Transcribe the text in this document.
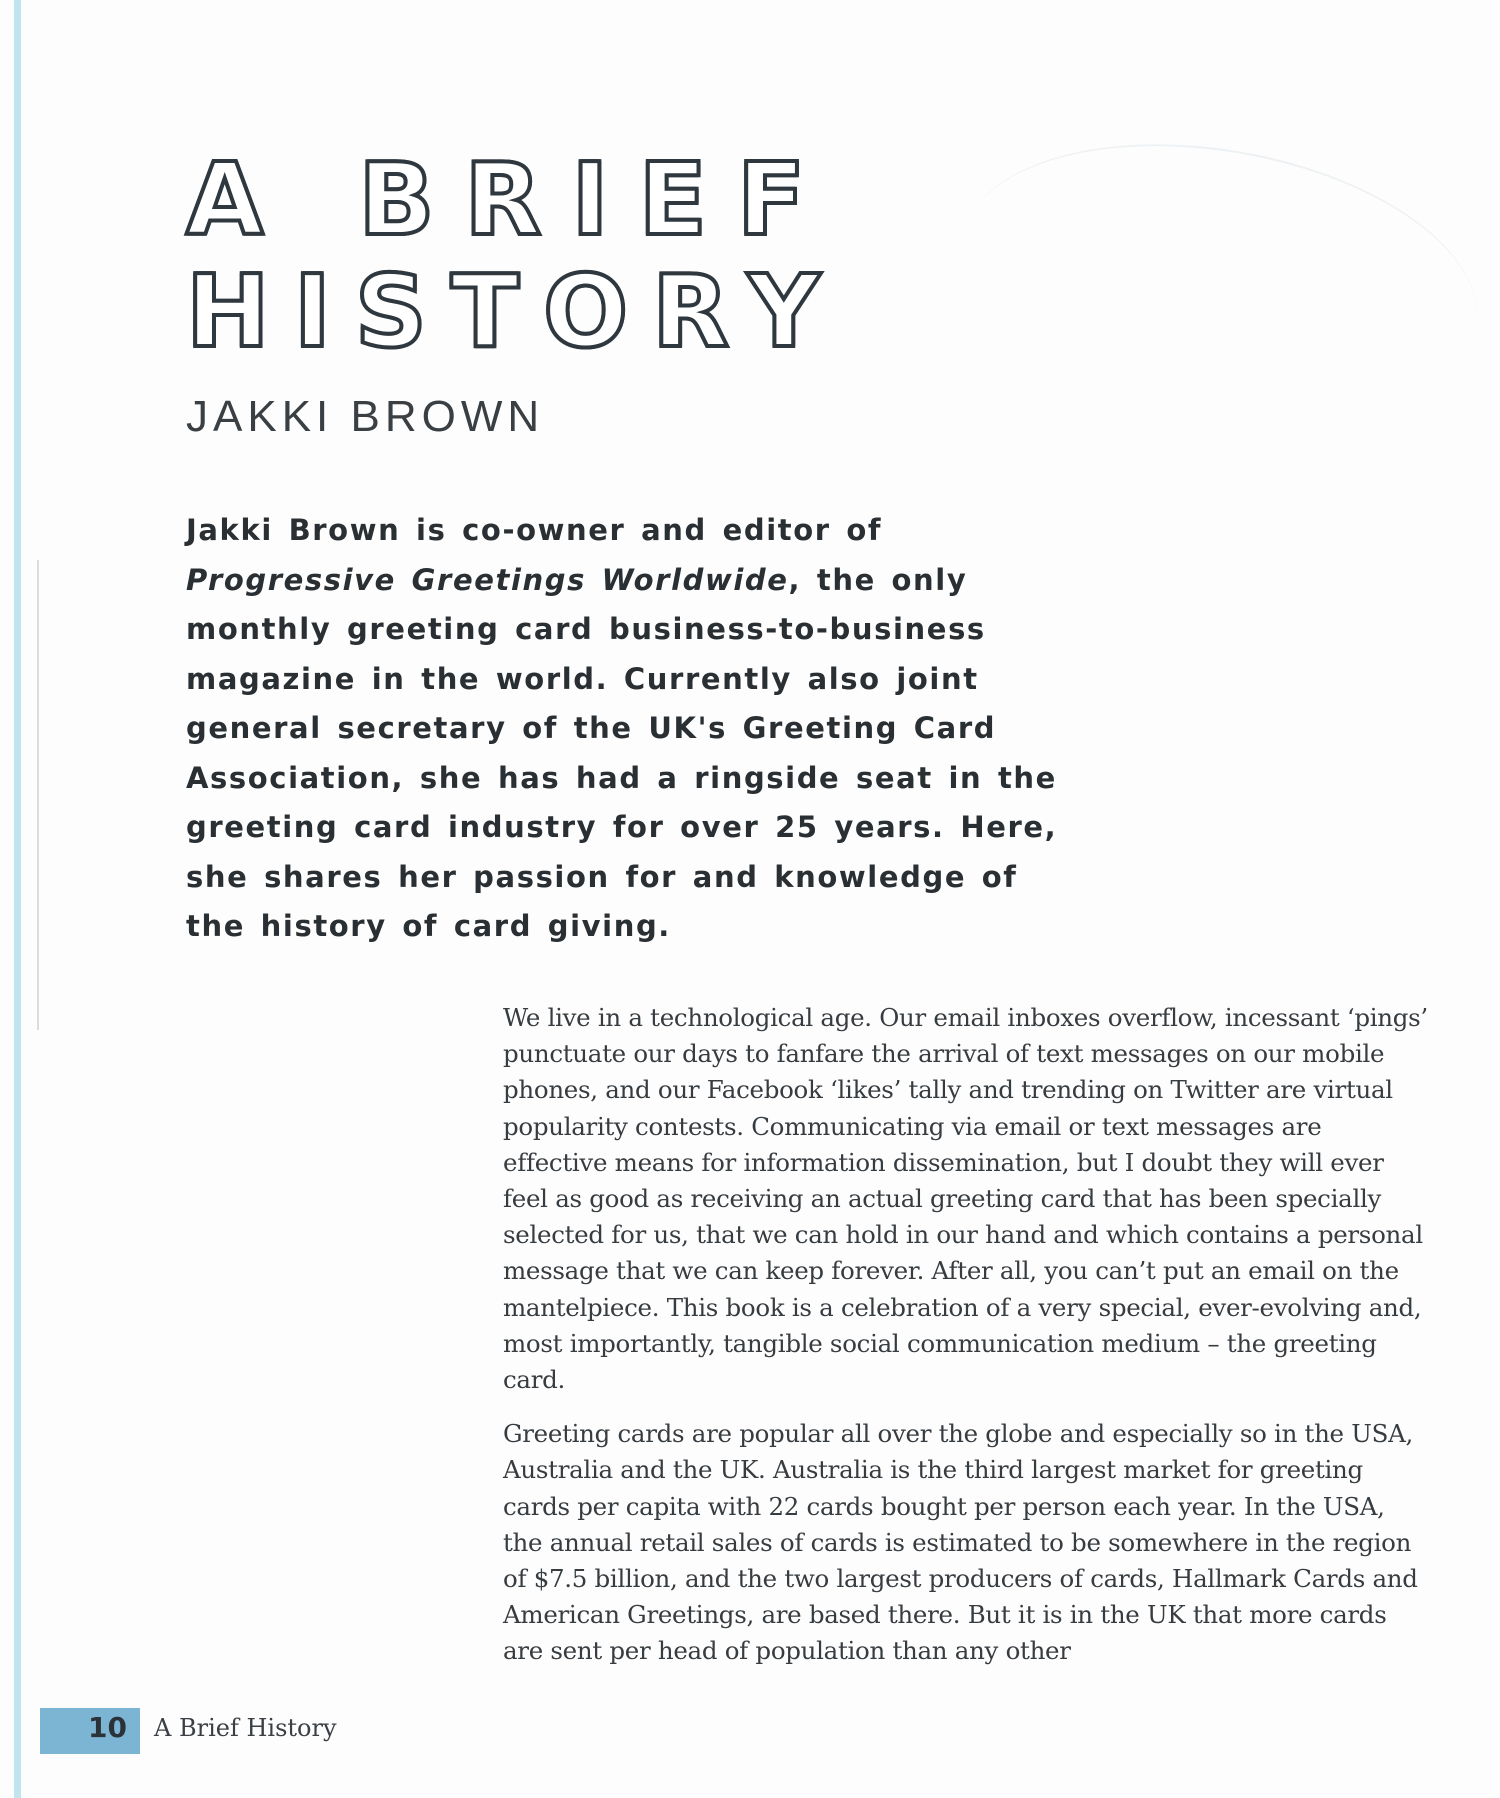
A BRIEF
HISTORY
JAKKI BROWN

Jakki Brown is co-owner and editor of Progressive Greetings Worldwide, the only monthly greeting card business-to-business magazine in the world. Currently also joint general secretary of the UK's Greeting Card Association, she has had a ringside seat in the greeting card industry for over 25 years. Here, she shares her passion for and knowledge of the history of card giving.

We live in a technological age. Our email inboxes overflow, incessant ‘pings’ punctuate our days to fanfare the arrival of text messages on our mobile phones, and our Facebook ‘likes’ tally and trending on Twitter are virtual popularity contests. Communicating via email or text messages are effective means for information dissemination, but I doubt they will ever feel as good as receiving an actual greeting card that has been specially selected for us, that we can hold in our hand and which contains a personal message that we can keep forever. After all, you can’t put an email on the mantelpiece. This book is a celebration of a very special, ever-evolving and, most importantly, tangible social communication medium – the greeting card.

Greeting cards are popular all over the globe and especially so in the USA, Australia and the UK. Australia is the third largest market for greeting cards per capita with 22 cards bought per person each year. In the USA, the annual retail sales of cards is estimated to be somewhere in the region of $7.5 billion, and the two largest producers of cards, Hallmark Cards and American Greetings, are based there. But it is in the UK that more cards are sent per head of population than any other

10 A Brief History
